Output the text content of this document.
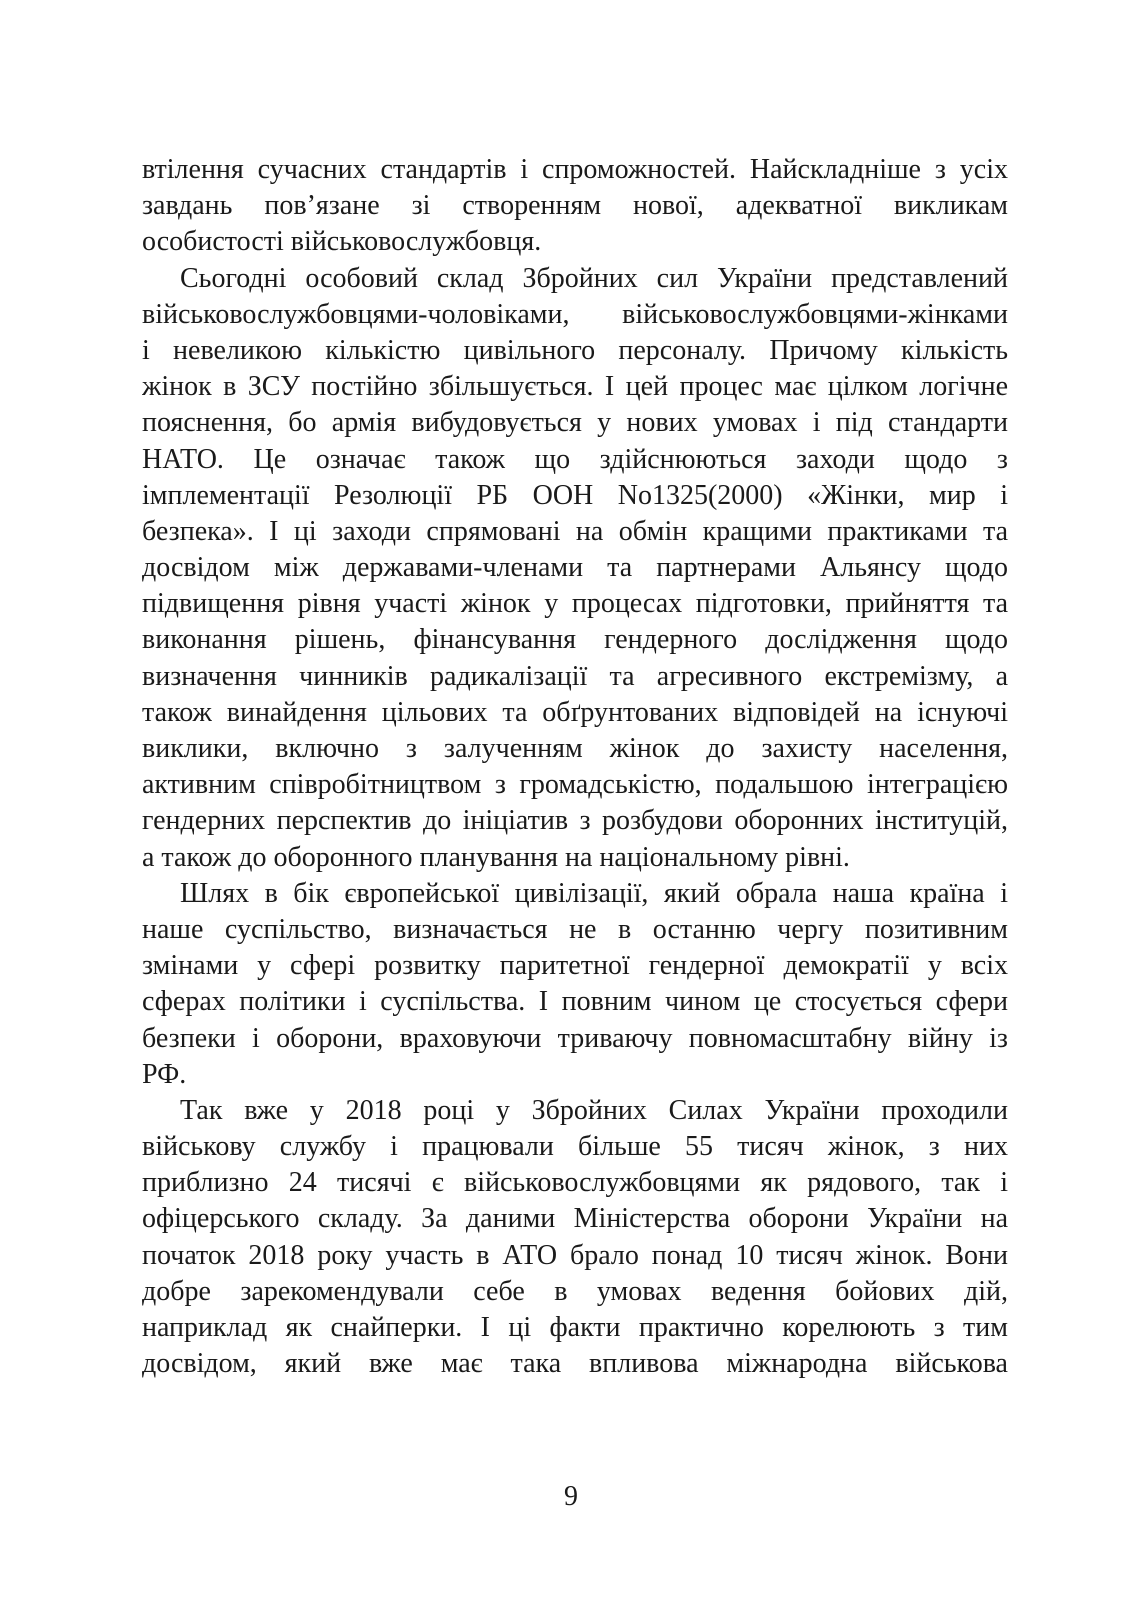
втілення сучасних стандартів і спроможностей. Найскладніше з усіх
завдань пов’язане зі створенням нової, адекватної викликам
особистості військовослужбовця.
Сьогодні особовий склад Збройних сил України представлений
військовослужбовцями-чоловіками, військовослужбовцями-жінками
і невеликою кількістю цивільного персоналу. Причому кількість
жінок в ЗСУ постійно збільшується. І цей процес має цілком логічне
пояснення, бо армія вибудовується у нових умовах і під стандарти
НАТО. Це означає також що здійснюються заходи щодо з
імплементації Резолюції РБ ООН No1325(2000) «Жінки, мир і
безпека». І ці заходи спрямовані на обмін кращими практиками та
досвідом між державами-членами та партнерами Альянсу щодо
підвищення рівня участі жінок у процесах підготовки, прийняття та
виконання рішень, фінансування гендерного дослідження щодо
визначення чинників радикалізації та агресивного екстремізму, а
також винайдення цільових та обґрунтованих відповідей на існуючі
виклики, включно з залученням жінок до захисту населення,
активним співробітництвом з громадськістю, подальшою інтеграцією
гендерних перспектив до ініціатив з розбудови оборонних інституцій,
а також до оборонного планування на національному рівні.
Шлях в бік європейської цивілізації, який обрала наша країна і
наше суспільство, визначається не в останню чергу позитивним
змінами у сфері розвитку паритетної гендерної демократії у всіх
сферах політики і суспільства. І повним чином це стосується сфери
безпеки і оборони, враховуючи триваючу повномасштабну війну із
РФ.
Так вже у 2018 році у Збройних Силах України проходили
військову службу і працювали більше 55 тисяч жінок, з них
приблизно 24 тисячі є військовослужбовцями як рядового, так і
офіцерського складу. За даними Міністерства оборони України на
початок 2018 року участь в АТО брало понад 10 тисяч жінок. Вони
добре зарекомендували себе в умовах ведення бойових дій,
наприклад як снайперки. І ці факти практично корелюють з тим
досвідом, який вже має така впливова міжнародна військова
9
